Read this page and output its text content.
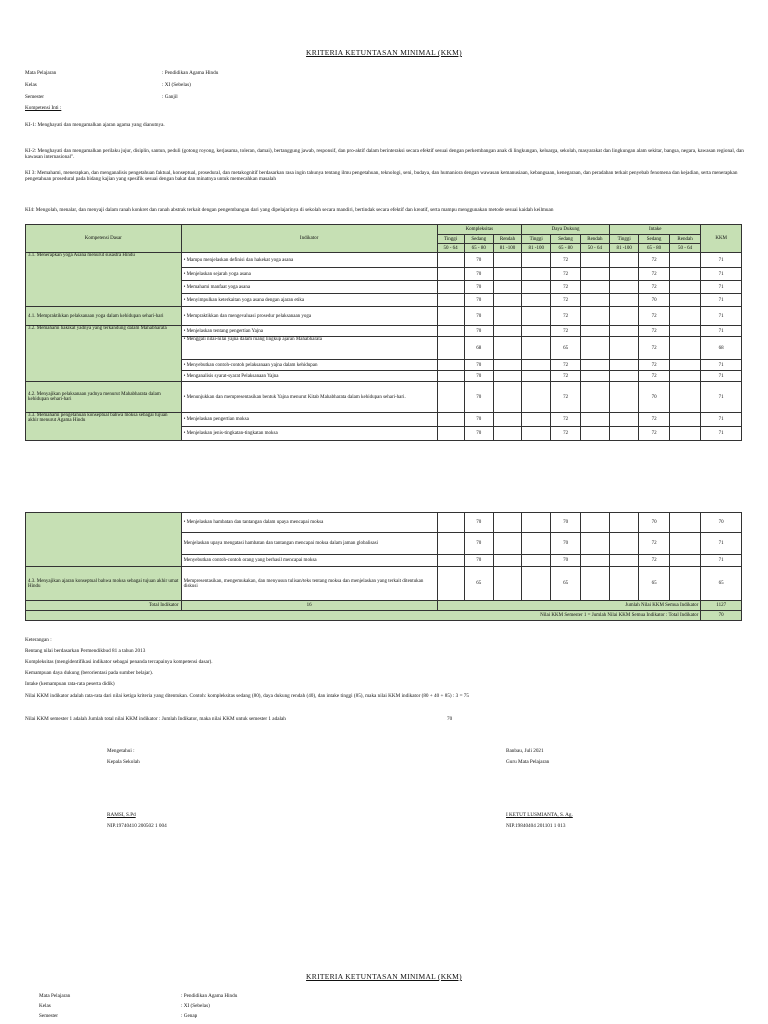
KRITERIA KETUNTASAN MINIMAL (KKM)
Mata Pelajaran	: Pendidikan Agama Hindu
Kelas	: XI (Sebelas)
Semester	: Ganjil
Kompetensi Inti :
KI-1: Menghayati dan mengamalkan ajaran agama yang dianutnya.
KI-2: Menghayati dan mengamalkan perilaku jujur, disiplin, santun, peduli (gotong royong, kerjasama, toleran, damai), bertanggung jawab, responsif, dan pro-aktif dalam berinteraksi secara efektif sesuai dengan perkembangan anak di lingkungan, keluarga, sekolah, masyarakat dan lingkungan alam sekitar, bangsa, negara, kawasan regional, dan kawasan internasional".
KI 3: Memahami, menerapkan, dan menganalisis pengetahuan faktual, konseptual, prosedural, dan metakognitif berdasarkan rasa ingin tahunya tentang ilmu pengetahuan, teknologi, seni, budaya, dan humaniora dengan wawasan kemanusiaan, kebangsaan, kenegaraan, dan peradaban terkait penyebab fenomena dan kejadian, serta menerapkan pengetahuan prosedural pada bidang kajian yang spesifik sesuai dengan bakat dan minatnya untuk memecahkan masalah
KI4: Mengolah, menalar, dan menyaji dalam ranah konkret dan ranah abstrak terkait dengan pengembangan dari yang dipelajarinya di sekolah secara mandiri, bertindak secara efektif dan kreatif, serta mampu menggunakan metode sesuai kaidah keilmuan
Kompetensi Dasar	Indikator	Kompleksitas			Daya Dukung			Intake			KKM
		Tinggi	Sedang	Rendah	Tinggi	Sedang	Rendah	Tinggi	Sedang	Rendah	
		50 - 64	65 - 80	81 -100	81 -100	65 - 80	50 - 64	81 -100	65 - 80	50 - 64	
3.1. Menerapkan yoga Asana menurut susastra Hindu	• Mampu menjelaskan definisi dan hakekat yoga asana		70			72			72		71
	• Menjelaskan sejarah yoga asana		70			72			72		71
	• Memahami manfaat yoga asana		70			72			72		71
	• Menyimpulkan keterkaitan yoga asana dengan ajaran etika		70			72			70		71
4.1. Mempraktikkan pelaksanaan yoga dalam kehidupan sehari-hari	• Mempraktikkan dan mengevaluasi prosedur pelaksanaan yoga		70			72			72		71
3.2. Memahami hakikat yadnya yang terkandung dalam Mahabharata	• Menjelaskan tentang pengertian Yajna		70			72			72		71
	• Menggali nilai-nilai yajna dalam ruang lingkup ajaran Mahabharata		68			65			72		68
	• Menyebutkan contoh-contoh pelaksanaan yajna dalam kehidupan		70			72			72		71
	• Menganalisis syarat-syarat Pelaksanaan Yajna		70			72			72		71
4.2. Menyajikan pelaksanaan yadnya menurut Mahabharata dalam kehidupan sehari-hari	• Menunjukkan dan mempresentasikan bentuk Yajna menurut Kitab Mahabharata dalam kehidupan sehari-hari.		70			72			70		71
3.3. Memahami pengetahuan konseptual bahwa moksa sebagai tujuan akhir menurut Agama Hindu	• Menjelaskan pengertian moksa		70			72			72		71
	• Menjelaskan jenis-tingkatan-tingkatan moksa		70			72			72		71
	• Menjelaskan hambatan dan tantangan dalam upaya mencapai moksa		70			70			70		70
	Menjelaskan upaya mengatasi hambatan dan tantangan mencapai moksa dalam jaman globalisasi		70			70			72		71
	Menyebutkan contoh-contoh orang yang berhasil mencapai moksa		70			70			72		71
4.3. Menyajikan ajaran konseptual bahwa moksa sebagai tujuan akhir umat Hindu	Mempresentasikan, mengemukakan, dan menyusun tulisan/teks tentang moksa dan menjelaskan yang terkait ditentukan diskusi		65			65			65		65
Total Indikator	16	Jumlah Nilai KKM Semua Indikator									1127
Nilai KKM Semester 1 = Jumlah Nilai KKM Semua Indikator : Total Indikator											70
Keterangan :
Rentang nilai berdasarkan Permendikbud 81 a tahun 2013
Kompleksitas (mengidentifikasi indikator sebagai penanda tercapainya kompetensi dasar).
Kemampuan daya dukung (berorientasi pada sumber belajar).
Intake (kemampuan rata-rata peserta didik)
Nilai KKM indikator adalah rata-rata dari nilai ketiga kriteria yang ditentukan. Contoh: kompleksitas sedang (80), daya dukung rendah (40), dan intake tinggi (85), maka nilai KKM indikator (80 + 40 + 85) : 3 = 75
Nilai KKM semester 1 adalah Jumlah total nilai KKM indikator : Jumlah Indikator, maka nilai KKM untuk semester 1 adalah	70
Mengetahui :
Kepala Sekolah
RAMSI, S.Pd
NIP.19740410 200502 1 004
Banbau, Juli 2021
Guru Mata Pelajaran
I KETUT LUSMIANTA, S. Ag.
NIP.19840404 201101 1 013
KRITERIA KETUNTASAN MINIMAL (KKM)
Mata Pelajaran	: Pendidikan Agama Hindu
Kelas	: XI (Sebelas)
Semester	: Genap
